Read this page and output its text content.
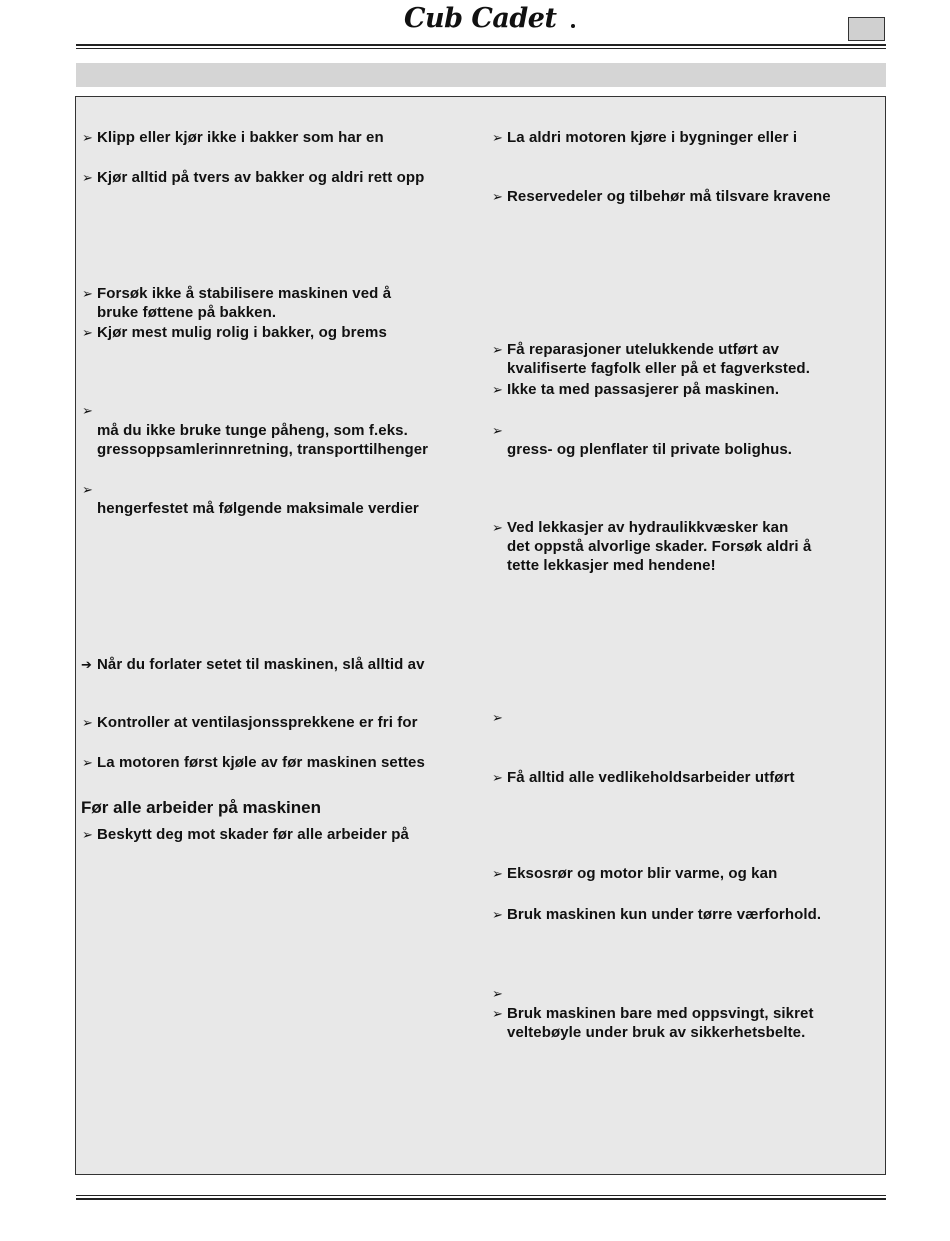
Cub Cadet
➢ Klipp eller kjør ikke i bakker som har en
➢ Kjør alltid på tvers av bakker og aldri rett opp
➢ Forsøk ikke å stabilisere maskinen ved å
bruke føttene på bakken.
➢ Kjør mest mulig rolig i bakker, og brems
➢
må du ikke bruke tunge påheng, som f.eks.
gressoppsamlerinnretning, transporttilhenger
➢
hengerfestet må følgende maksimale verdier
➔ Når du forlater setet til maskinen, slå alltid av
➢ Kontroller at ventilasjonssprekkene er fri for
➢ La motoren først kjøle av før maskinen settes
Før alle arbeider på maskinen
➢ Beskytt deg mot skader før alle arbeider på
➢ La aldri motoren kjøre i bygninger eller i
➢ Reservedeler og tilbehør må tilsvare kravene
➢ Få reparasjoner utelukkende utført av
kvalifiserte fagfolk eller på et fagverksted.
➢ Ikke ta med passasjerer på maskinen.
➢
gress- og plenflater til private bolighus.
➢ Ved lekkasjer av hydraulikkvæsker kan
det oppstå alvorlige skader. Forsøk aldri å
tette lekkasjer med hendene!
➢
➢ Få alltid alle vedlikeholdsarbeider utført
➢ Eksosrør og motor blir varme, og kan
➢ Bruk maskinen kun under tørre værforhold.
➢
➢ Bruk maskinen bare med oppsvingt, sikret
veltebøyle under bruk av sikkerhetsbelte.
